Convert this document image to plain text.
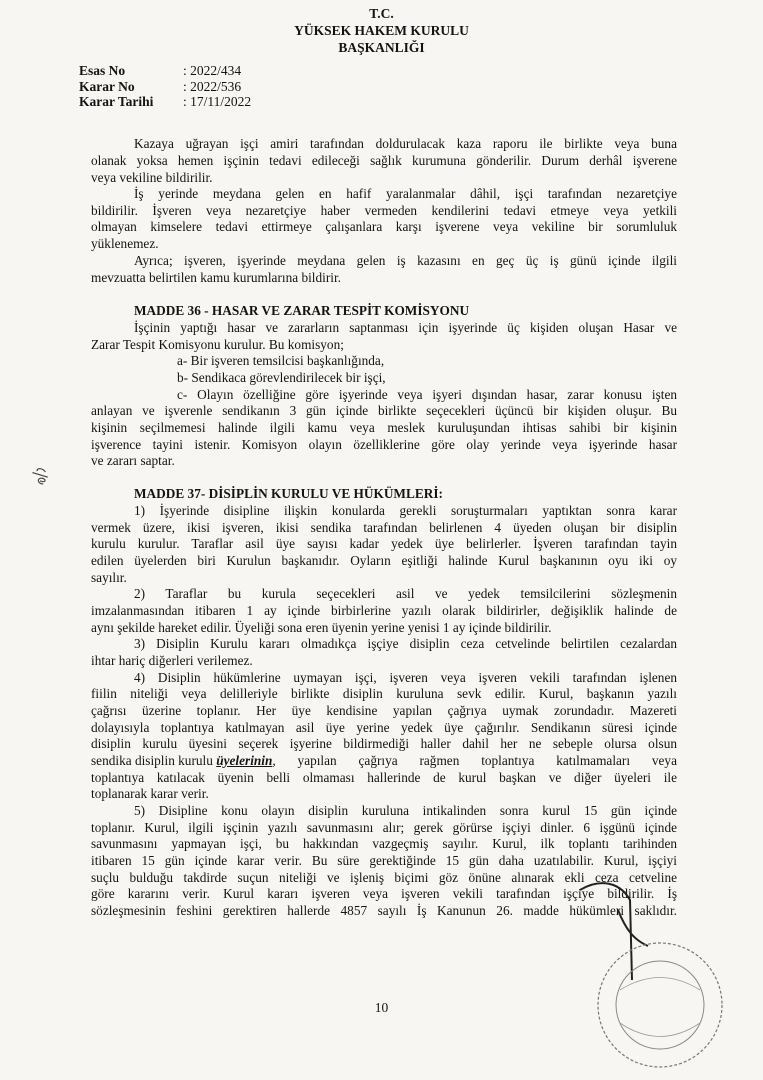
T.C.
YÜKSEK HAKEM KURULU
BAŞKANLIĞI
Esas No	: 2022/434
Karar No	: 2022/536
Karar Tarihi	: 17/11/2022
Kazaya uğrayan işçi amiri tarafından doldurulacak kaza raporu ile birlikte veya buna
olanak yoksa hemen işçinin tedavi edileceği sağlık kurumuna gönderilir. Durum derhâl işverene
veya vekiline bildirilir.
İş yerinde meydana gelen en hafif yaralanmalar dâhil, işçi tarafından nezaretçiye
bildirilir. İşveren veya nezaretçiye haber vermeden kendilerini tedavi etmeye veya yetkili
olmayan kimselere tedavi ettirmeye çalışanlara karşı işverene veya vekiline bir sorumluluk
yüklenemez.
Ayrıca; işveren, işyerinde meydana gelen iş kazasını en geç üç iş günü içinde ilgili
mevzuatta belirtilen kamu kurumlarına bildirir.
MADDE 36 - HASAR VE ZARAR TESPİT KOMİSYONU
İşçinin yaptığı hasar ve zararların saptanması için işyerinde üç kişiden oluşan Hasar ve
Zarar Tespit Komisyonu kurulur. Bu komisyon;
a- Bir işveren temsilcisi başkanlığında,
b- Sendikaca görevlendirilecek bir işçi,
c- Olayın özelliğine göre işyerinde veya işyeri dışından hasar, zarar konusu işten
anlayan ve işverenle sendikanın 3 gün içinde birlikte seçecekleri üçüncü bir kişiden oluşur. Bu
kişinin seçilmemesi halinde ilgili kamu veya meslek kuruluşundan ihtisas sahibi bir kişinin
işverence tayini istenir. Komisyon olayın özelliklerine göre olay yerinde veya işyerinde hasar
ve zararı saptar.
MADDE 37- DİSİPLİN KURULU VE HÜKÜMLERİ:
1) İşyerinde disipline ilişkin konularda gerekli soruşturmaları yaptıktan sonra karar
vermek üzere, ikisi işveren, ikisi sendika tarafından belirlenen 4 üyeden oluşan bir disiplin
kurulu kurulur. Taraflar asil üye sayısı kadar yedek üye belirlerler. İşveren tarafından tayin
edilen üyelerden biri Kurulun başkanıdır. Oyların eşitliği halinde Kurul başkanının oyu iki oy
sayılır.
2) Taraflar bu kurula seçecekleri asil ve yedek temsilcilerini sözleşmenin
imzalanmasından itibaren 1 ay içinde birbirlerine yazılı olarak bildirirler, değişiklik halinde de
aynı şekilde hareket edilir. Üyeliği sona eren üyenin yerine yenisi 1 ay içinde bildirilir.
3) Disiplin Kurulu kararı olmadıkça işçiye disiplin ceza cetvelinde belirtilen cezalardan
ihtar hariç diğerleri verilemez.
4) Disiplin hükümlerine uymayan işçi, işveren veya işveren vekili tarafından işlenen
fiilin niteliği veya delilleriyle birlikte disiplin kuruluna sevk edilir. Kurul, başkanın yazılı
çağrısı üzerine toplanır. Her üye kendisine yapılan çağrıya uymak zorundadır. Mazereti
dolayısıyla toplantıya katılmayan asil üye yerine yedek üye çağırılır. Sendikanın süresi içinde
disiplin kurulu üyesini seçerek işyerine bildirmediği haller dahil her ne sebeple olursa olsun
sendika disiplin kurulu üyelerinin , yapılan çağrıya rağmen toplantıya katılmamaları veya
toplantıya katılacak üyenin belli olmaması hallerinde de kurul başkan ve diğer üyeleri ile
toplanarak karar verir.
5) Disipline konu olayın disiplin kuruluna intikalinden sonra kurul 15 gün içinde
toplanır. Kurul, ilgili işçinin yazılı savunmasını alır; gerek görürse işçiyi dinler. 6 işgünü içinde
savunmasını yapmayan işçi, bu hakkından vazgeçmiş sayılır. Kurul, ilk toplantı tarihinden
itibaren 15 gün içinde karar verir. Bu süre gerektiğinde 15 gün daha uzatılabilir. Kurul, işçiyi
suçlu bulduğu takdirde suçun niteliği ve işleniş biçimi göz önüne alınarak ekli ceza cetveline
göre kararını verir. Kurul kararı işveren veya işveren vekili tarafından işçiye bildirilir. İş
sözleşmesinin feshini gerektiren hallerde 4857 sayılı İş Kanunun 26. madde hükümleri saklıdır.
10
